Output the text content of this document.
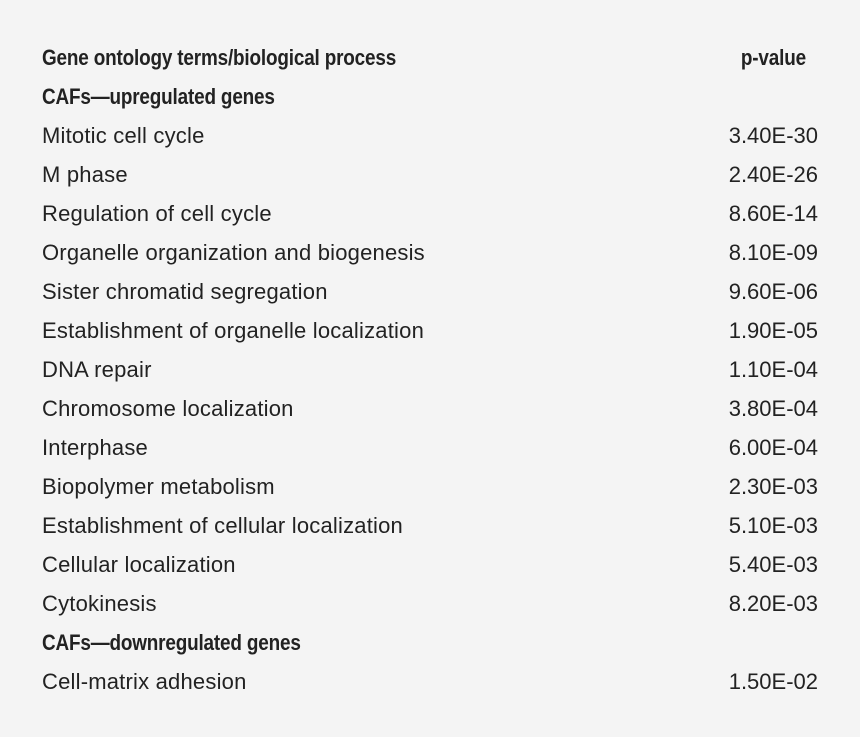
Gene ontology terms/biological process	p-value
CAFs—upregulated genes
Mitotic cell cycle	3.40E-30
M phase	2.40E-26
Regulation of cell cycle	8.60E-14
Organelle organization and biogenesis	8.10E-09
Sister chromatid segregation	9.60E-06
Establishment of organelle localization	1.90E-05
DNA repair	1.10E-04
Chromosome localization	3.80E-04
Interphase	6.00E-04
Biopolymer metabolism	2.30E-03
Establishment of cellular localization	5.10E-03
Cellular localization	5.40E-03
Cytokinesis	8.20E-03
CAFs—downregulated genes
Cell-matrix adhesion	1.50E-02
